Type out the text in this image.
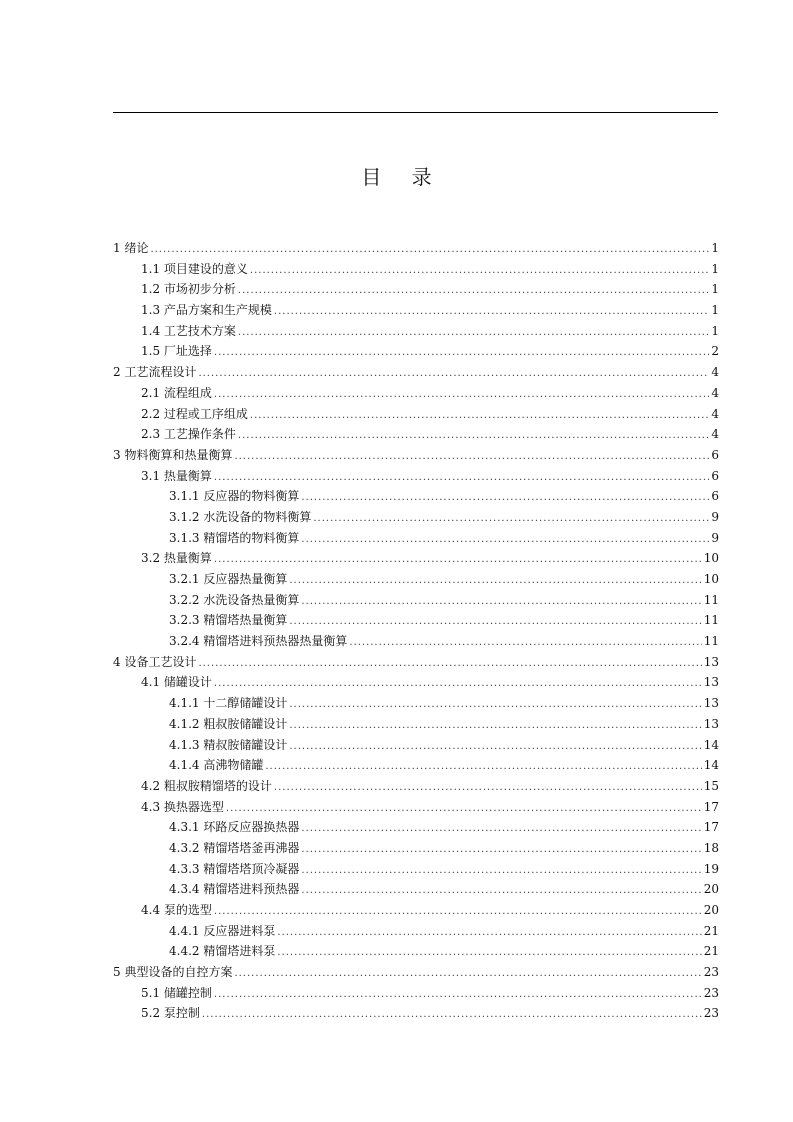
目 录
1 绪论 .....	1
1.1 项目建设的意义 .....	1
1.2 市场初步分析 .....	1
1.3 产品方案和生产规模 .....	1
1.4 工艺技术方案 .....	1
1.5 厂址选择 .....	2
2 工艺流程设计 .....	4
2.1 流程组成 .....	4
2.2 过程或工序组成 .....	4
2.3 工艺操作条件 .....	4
3 物料衡算和热量衡算 .....	6
3.1 热量衡算 .....	6
3.1.1 反应器的物料衡算 .....	6
3.1.2 水洗设备的物料衡算 .....	9
3.1.3 精馏塔的物料衡算 .....	9
3.2 热量衡算 .....	10
3.2.1 反应器热量衡算 .....	10
3.2.2 水洗设备热量衡算 .....	11
3.2.3 精馏塔热量衡算 .....	11
3.2.4 精馏塔进料预热器热量衡算 .....	11
4 设备工艺设计 .....	13
4.1 储罐设计 .....	13
4.1.1 十二醇储罐设计 .....	13
4.1.2 粗叔胺储罐设计 .....	13
4.1.3 精叔胺储罐设计 .....	14
4.1.4 高沸物储罐 .....	14
4.2 粗叔胺精馏塔的设计 .....	15
4.3 换热器选型 .....	17
4.3.1 环路反应器换热器 .....	17
4.3.2 精馏塔塔釜再沸器 .....	18
4.3.3 精馏塔塔顶冷凝器 .....	19
4.3.4 精馏塔进料预热器 .....	20
4.4 泵的选型 .....	20
4.4.1 反应器进料泵 .....	21
4.4.2 精馏塔进料泵 .....	21
5 典型设备的自控方案 .....	23
5.1 储罐控制 .....	23
5.2 泵控制 .....	23
